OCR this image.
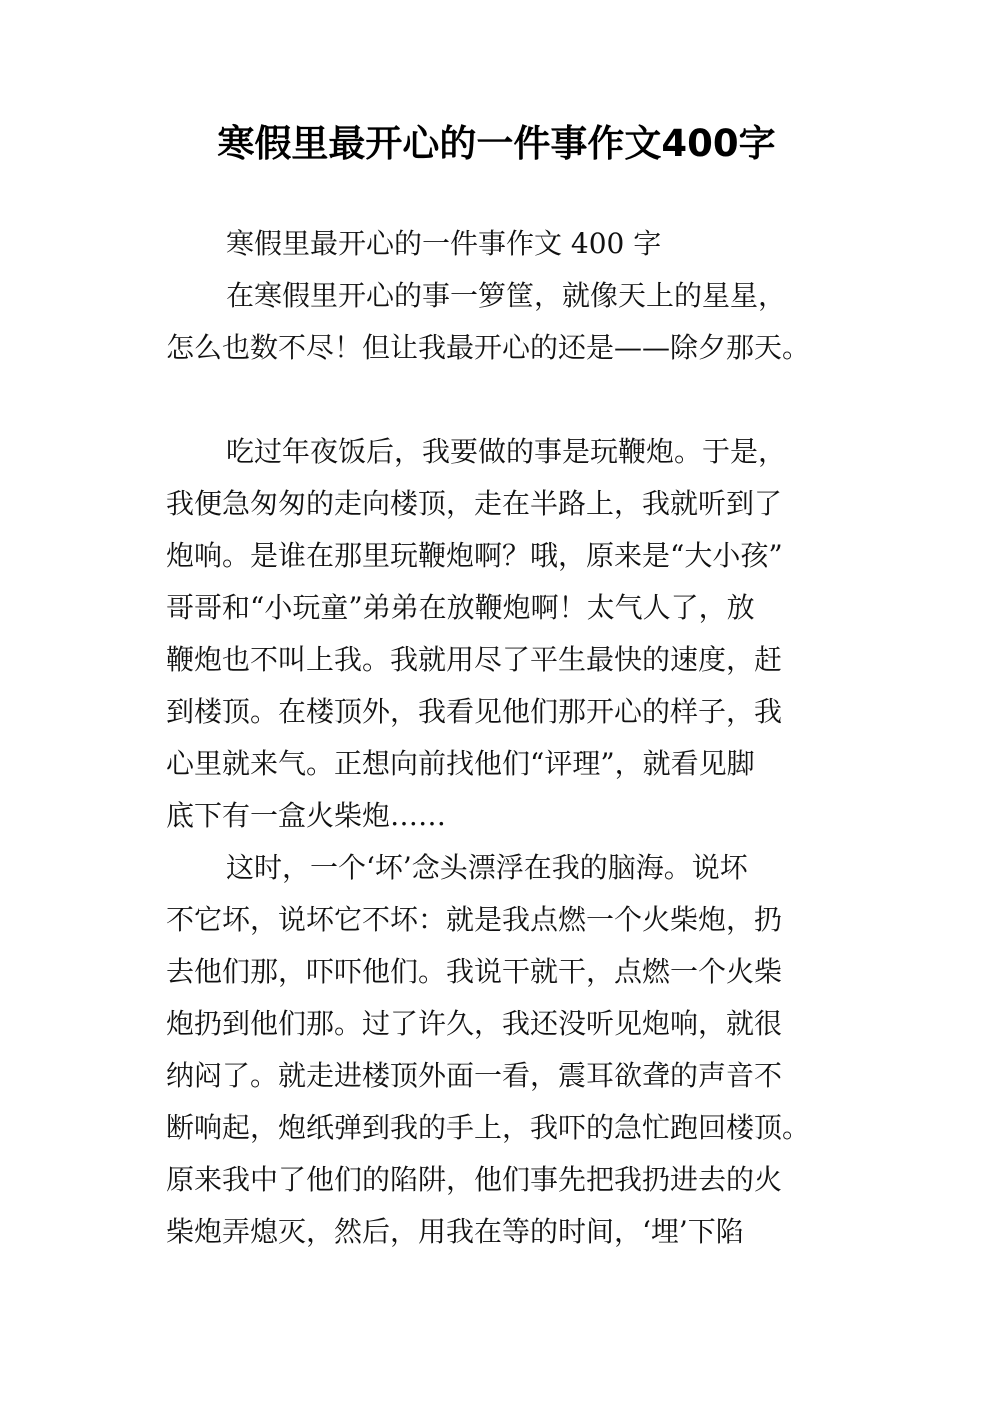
寒假里最开心的一件事作文400字
寒假里最开心的一件事作文 400 字
在寒假里开心的事一箩筐，就像天上的星星，
怎么也数不尽！但让我最开心的还是——除夕那天。
吃过年夜饭后，我要做的事是玩鞭炮。于是，
我便急匆匆的走向楼顶，走在半路上，我就听到了
炮响。是谁在那里玩鞭炮啊？哦，原来是“大小孩”
哥哥和“小玩童”弟弟在放鞭炮啊！太气人了，放
鞭炮也不叫上我。我就用尽了平生最快的速度，赶
到楼顶。在楼顶外，我看见他们那开心的样子，我
心里就来气。正想向前找他们“评理”，就看见脚
底下有一盒火柴炮……
这时，一个‘坏’念头漂浮在我的脑海。说坏
不它坏，说坏它不坏：就是我点燃一个火柴炮，扔
去他们那，吓吓他们。我说干就干，点燃一个火柴
炮扔到他们那。过了许久，我还没听见炮响，就很
纳闷了。就走进楼顶外面一看，震耳欲聋的声音不
断响起，炮纸弹到我的手上，我吓的急忙跑回楼顶。
原来我中了他们的陷阱，他们事先把我扔进去的火
柴炮弄熄灭，然后，用我在等的时间，‘埋’下陷
